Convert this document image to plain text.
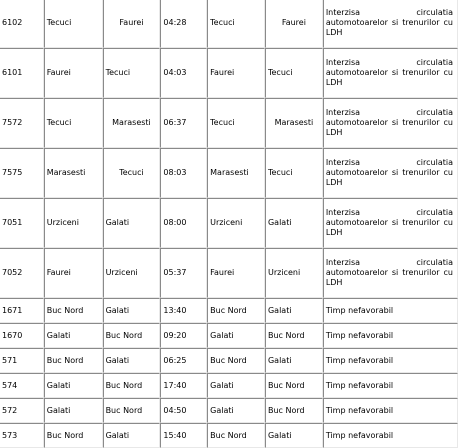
6102	Tecuci	Faurei	04:28	Tecuci	Faurei	Interzisa circulatia automotoarelor si trenurilor cu LDH
6101	Faurei	Tecuci	04:03	Faurei	Tecuci	Interzisa circulatia automotoarelor si trenurilor cu LDH
7572	Tecuci	Marasesti	06:37	Tecuci	Marasesti	Interzisa circulatia automotoarelor si trenurilor cu LDH
7575	Marasesti	Tecuci	08:03	Marasesti	Tecuci	Interzisa circulatia automotoarelor si trenurilor cu LDH
7051	Urziceni	Galati	08:00	Urziceni	Galati	Interzisa circulatia automotoarelor si trenurilor cu LDH
7052	Faurei	Urziceni	05:37	Faurei	Urziceni	Interzisa circulatia automotoarelor si trenurilor cu LDH
1671	Buc Nord	Galati	13:40	Buc Nord	Galati	Timp nefavorabil
1670	Galati	Buc Nord	09:20	Galati	Buc Nord	Timp nefavorabil
571	Buc Nord	Galati	06:25	Buc Nord	Galati	Timp nefavorabil
574	Galati	Buc Nord	17:40	Galati	Buc Nord	Timp nefavorabil
572	Galati	Buc Nord	04:50	Galati	Buc Nord	Timp nefavorabil
573	Buc Nord	Galati	15:40	Buc Nord	Galati	Timp nefavorabil
